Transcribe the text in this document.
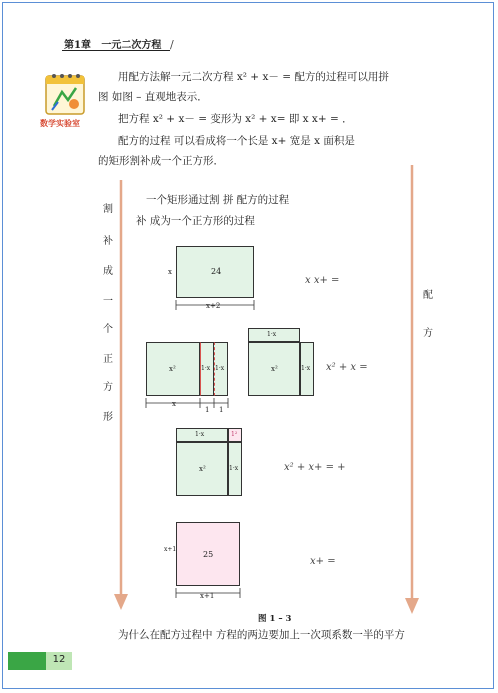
第1章 一元二次方程 /
数学实验室
用配方法解一元二次方程 x² + x－ = 配方的过程可以用拼
图 如图 – 直观地表示．
把方程 x² + x－ = 变形为 x² + x= 即 x x+ = ．
配方的过程 可以看成将一个长是 x+ 宽是 x 面积是
的矩形割补成一个正方形．
割
补
成
一
个
正
方
形
配
方
一个矩形通过割 拼 配方的过程
补 成为一个正方形的过程
24
x
x+2
x x+ =
x²	1·x 1·x
x
1 1
1·x
x²	1·x x² + x =
1·x	1²
x²	1·x	x² + x+ = +
25
x+1
x+1
x+ =
图 1 – 3
为什么在配方过程中 方程的两边要加上一次项系数一半的平方
12
